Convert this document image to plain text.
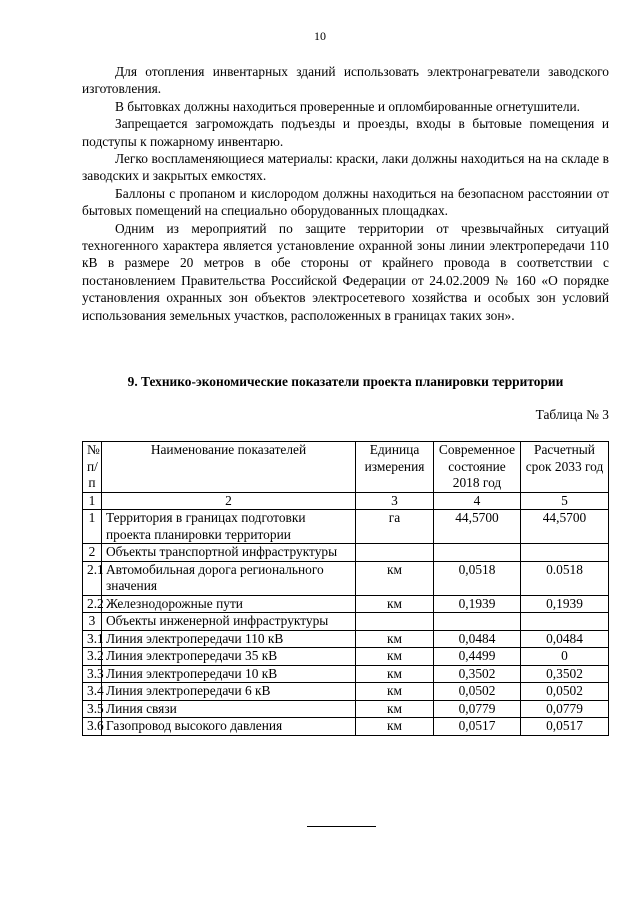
10

Для отопления инвентарных зданий использовать электронагреватели заводского изготовления.

В бытовках должны находиться проверенные и опломбированные огнетушители.

Запрещается загромождать подъезды и проезды, входы в бытовые помещения и подступы к пожарному инвентарю.

Легко воспламеняющиеся материалы: краски, лаки должны находиться на на складе в заводских и закрытых емкостях.

Баллоны с пропаном и кислородом должны находиться на безопасном расстоянии от бытовых помещений на специально оборудованных площадках.

Одним из мероприятий по защите территории от чрезвычайных ситуаций техногенного характера является установление охранной зоны линии электропередачи 110 кВ в размере 20 метров в обе стороны от крайнего провода в соответствии с постановлением Правительства Российской Федерации от 24.02.2009 № 160 «О порядке установления охранных зон объектов электросетевого хозяйства и особых зон условий использования земельных участков, расположенных в границах таких зон».

9. Технико-экономические показатели проекта планировки территории
Таблица № 3
№ п/п	Наименование показателей	Единица измерения	Современное состояние 2018 год	Расчетный срок 2033 год
1	2	3	4	5
1	Территория в границах подготовки проекта планировки территории	га	44,5700	44,5700
2	Объекты транспортной инфраструктуры			
2.1	Автомобильная дорога регионального значения	км	0,0518	0.0518
2.2	Железнодорожные пути	км	0,1939	0,1939
3	Объекты инженерной инфраструктуры			
3.1	Линия электропередачи 110 кВ	км	0,0484	0,0484
3.2	Линия электропередачи 35 кВ	км	0,4499	0
3.3	Линия электропередачи 10 кВ	км	0,3502	0,3502
3.4	Линия электропередачи 6 кВ	км	0,0502	0,0502
3.5	Линия связи	км	0,0779	0,0779
3.6	Газопровод высокого давления	км	0,0517	0,0517
